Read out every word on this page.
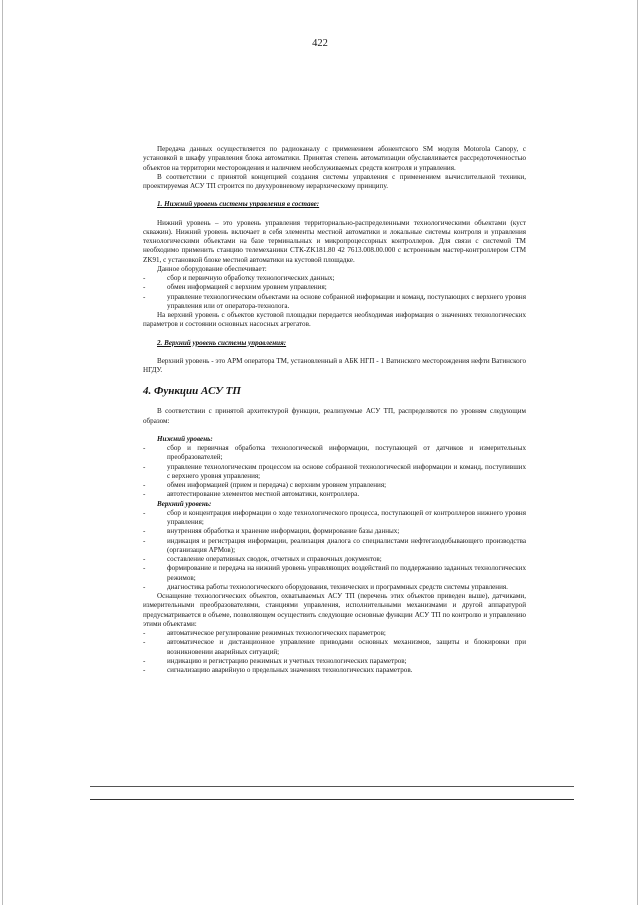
422

Передача данных осуществляется по радиоканалу с применением абонентского SM модуля Motorola Canopy, с установкой в шкафу управления блока автоматики. Принятая степень автоматизации обуславливается рассредоточенностью объектов на территории месторождения и наличием необслуживаемых средств контроля и управления.

В соответствии с принятой концепцией создания системы управления с применением вычислительной техники, проектируемая АСУ ТП строится по двухуровневому иерархическому принципу.

1. Нижний уровень системы управления в составе:

Нижний уровень – это уровень управления территориально-распределенными технологическими объектами (куст скважин). Нижний уровень включает в себя элементы местной автоматики и локальные системы контроля и управления технологическими объектами на базе терминальных и микропроцессорных контроллеров. Для связи с системой ТМ необходимо применить станцию телемеханики СТК-ZK181.80 42 7613.008.00.000 с встроенным мастер-контроллером СТМ ZK91, с установкой блоке местной автоматики на кустовой площадке.

Данное оборудование обеспечивает:

-	сбор и первичную обработку технологических данных;

-	обмен информацией с верхним уровнем управления;

-	управление технологическим объектами на основе собранной информации и команд, поступающих с верхнего уровня управления или от оператора-технолога.

На верхний уровень с объектов кустовой площадки передается необходимая информация о значениях технологических параметров и состоянии основных насосных агрегатов.

2. Верхний уровень системы управления:

Верхний уровень - это АРМ оператора ТМ, установленный в АБК НГП - 1 Ватинского месторождения нефти Ватинского НГДУ.

4. Функции АСУ ТП

В соответствии с принятой архитектурой функции, реализуемые АСУ ТП, распределяются по уровням следующим образом:

Нижний уровень:

-	сбор и первичная обработка технологической информации, поступающей от датчиков и измерительных преобразователей;

-	управление технологическим процессом на основе собранной технологической информации и команд, поступивших с верхнего уровня управления;

-	обмен информацией (прием и передача) с верхним уровнем управления;

-	автотестирование элементов местной автоматики, контроллера.

Верхний уровень:

-	сбор и концентрация информации о ходе технологического процесса, поступающей от контроллеров нижнего уровня управления;

-	внутренняя обработка и хранение информации, формирование базы данных;

-	индикация и регистрация информации, реализация диалога со специалистами нефтегазодобывающего производства (организация АРМов);

-	составление оперативных сводок, отчетных и справочных документов;

-	формирование и передача на нижний уровень управляющих воздействий по поддержанию заданных технологических режимов;

-	диагностика работы технологического оборудования, технических и программных средств системы управления.

Оснащение технологических объектов, охватываемых АСУ ТП (перечень этих объектов приведен выше), датчиками, измерительными преобразователями, станциями управления, исполнительными механизмами и другой аппаратурой предусматривается в объеме, позволяющем осуществить следующие основные функции АСУ ТП по контролю и управлению этими объектами:

-	автоматическое регулирование режимных технологических параметров;

-	автоматическое и дистанционное управление приводами основных механизмов, защиты и блокировки при возникновении аварийных ситуаций;

-	индикацию и регистрацию режимных и учетных технологических параметров;

-	сигнализацию аварийную о предельных значениях технологических параметров.
